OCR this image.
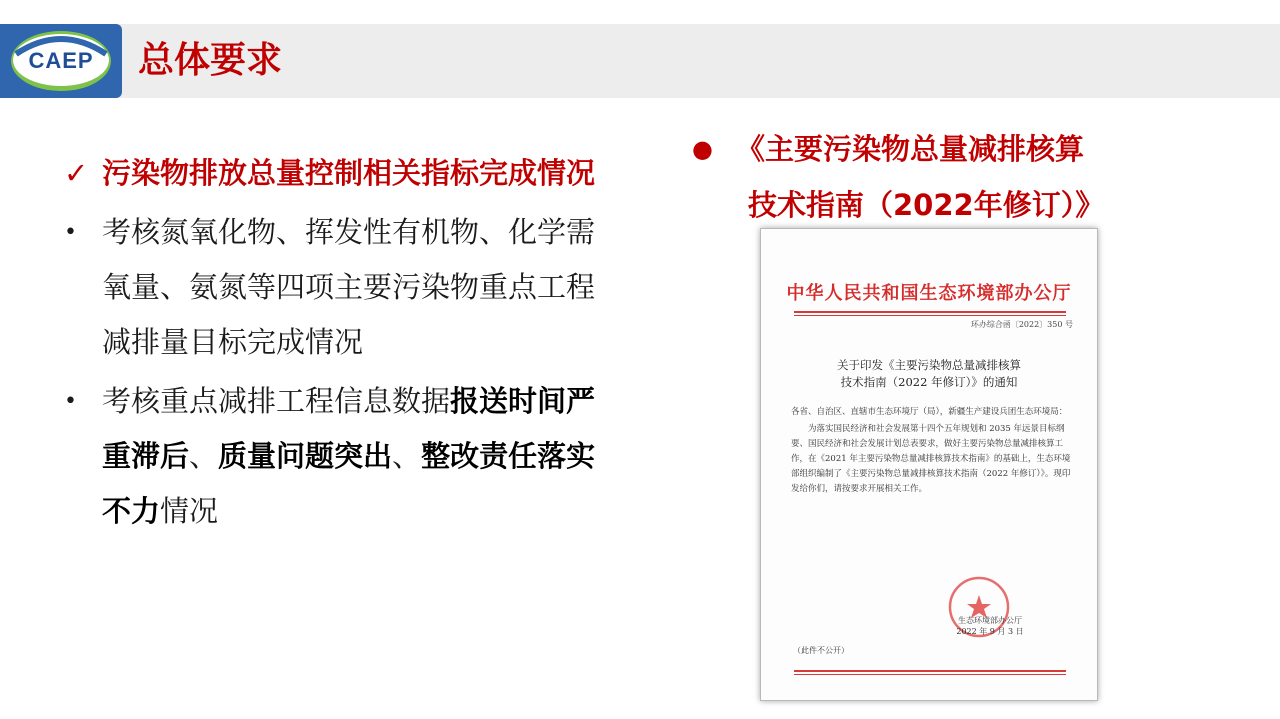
CAEP	总体要求
✓ 污染物排放总量控制相关指标完成情况
• 考核氮氧化物、挥发性有机物、化学需氧量、氨氮等四项主要污染物重点工程减排量目标完成情况
• 考核重点减排工程信息数据报送时间严重滞后、质量问题突出、整改责任落实不力情况
● 《主要污染物总量减排核算
技术指南（2022年修订）》
中华人民共和国生态环境部办公厅
环办综合函〔2022〕350 号
关于印发《主要污染物总量减排核算
技术指南（2022 年修订）》的通知

各省、自治区、直辖市生态环境厅（局），新疆生产建设兵团生态环境局：

为落实国民经济和社会发展第十四个五年规划和 2035 年远景目标纲要、国民经济和社会发展计划总表要求，做好主要污染物总量减排核算工作，在《2021 年主要污染物总量减排核算技术指南》的基础上，生态环境部组织编制了《主要污染物总量减排核算技术指南（2022 年修订）》。现印发给你们，请按要求开展相关工作。

生态环境部办公厅
2022 年 9 月 3 日
（此件不公开）
